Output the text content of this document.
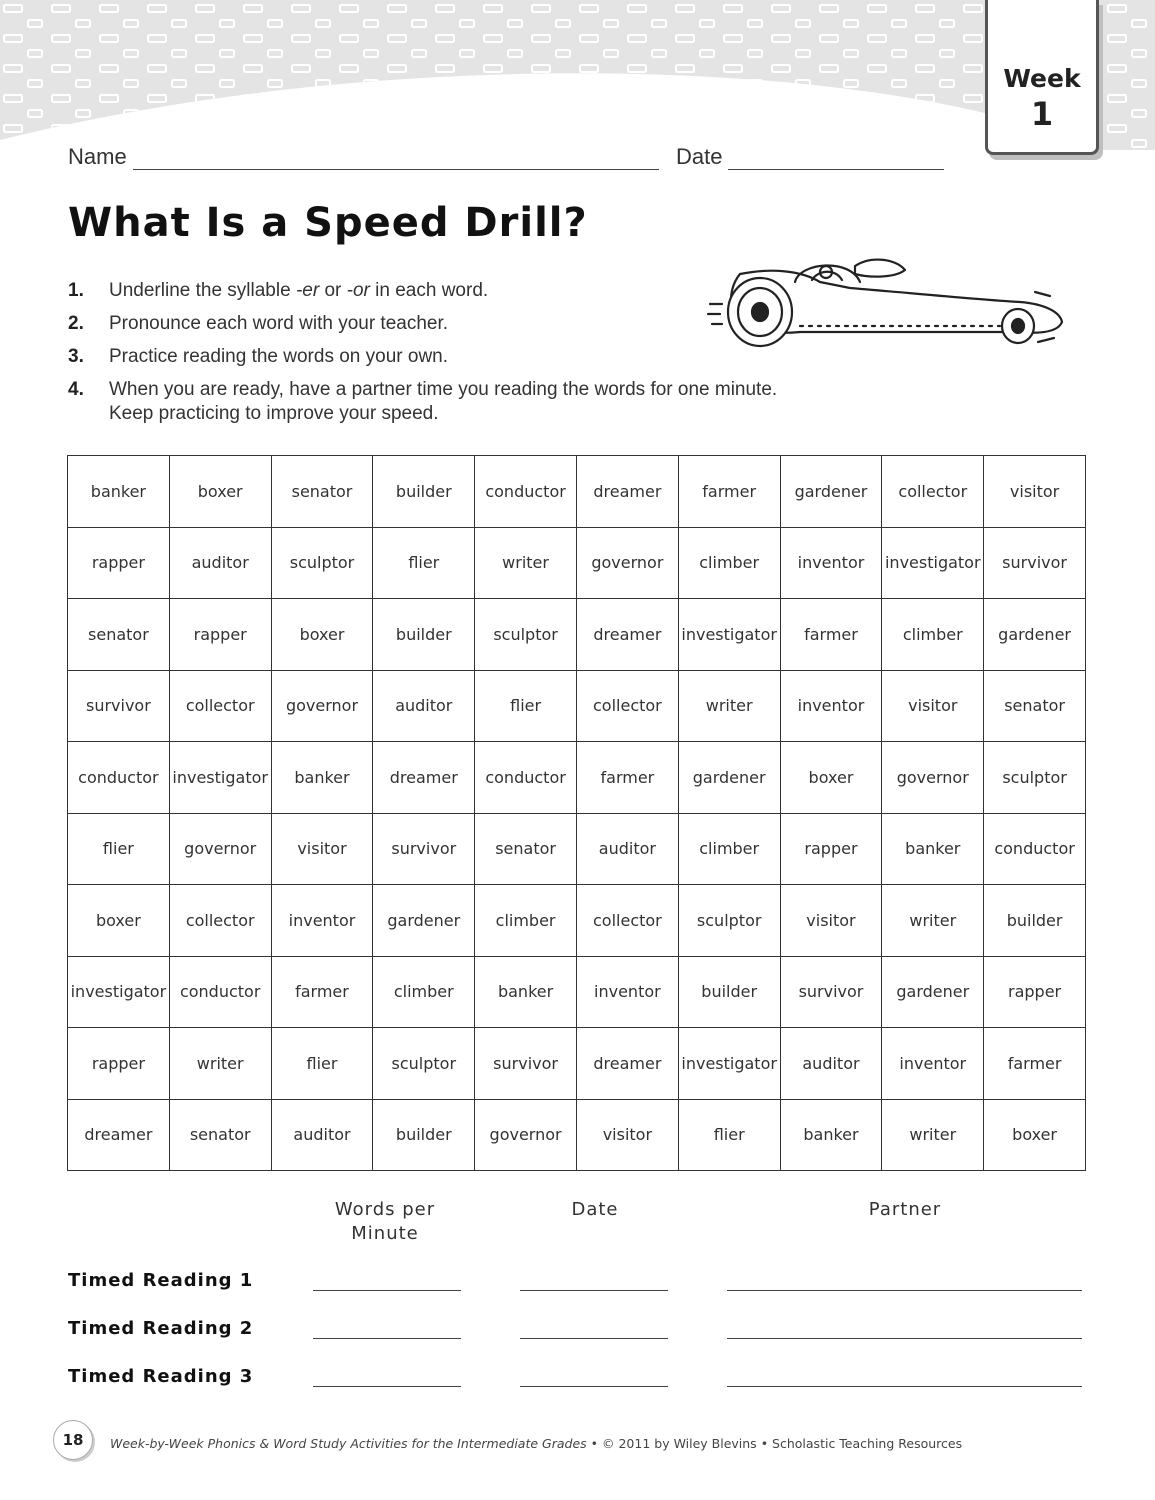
Week
1
Name	Date
What Is a Speed Drill?
1. Underline the syllable -er or -or in each word.
2. Pronounce each word with your teacher.
3. Practice reading the words on your own.
4. When you are ready, have a partner time you reading the words for one minute.
Keep practicing to improve your speed.
banker	boxer	senator	builder	conductor	dreamer	farmer	gardener	collector	visitor
rapper	auditor	sculptor	flier	writer	governor	climber	inventor	investigator	survivor
senator	rapper	boxer	builder	sculptor	dreamer	investigator	farmer	climber	gardener
survivor	collector	governor	auditor	flier	collector	writer	inventor	visitor	senator
conductor	investigator	banker	dreamer	conductor	farmer	gardener	boxer	governor	sculptor
flier	governor	visitor	survivor	senator	auditor	climber	rapper	banker	conductor
boxer	collector	inventor	gardener	climber	collector	sculptor	visitor	writer	builder
investigator	conductor	farmer	climber	banker	inventor	builder	survivor	gardener	rapper
rapper	writer	flier	sculptor	survivor	dreamer	investigator	auditor	inventor	farmer
dreamer	senator	auditor	builder	governor	visitor	flier	banker	writer	boxer
Words per
Minute
Date	Partner
Timed Reading 1
Timed Reading 2
Timed Reading 3
18	Week-by-Week Phonics & Word Study Activities for the Intermediate Grades • © 2011 by Wiley Blevins • Scholastic Teaching Resources
